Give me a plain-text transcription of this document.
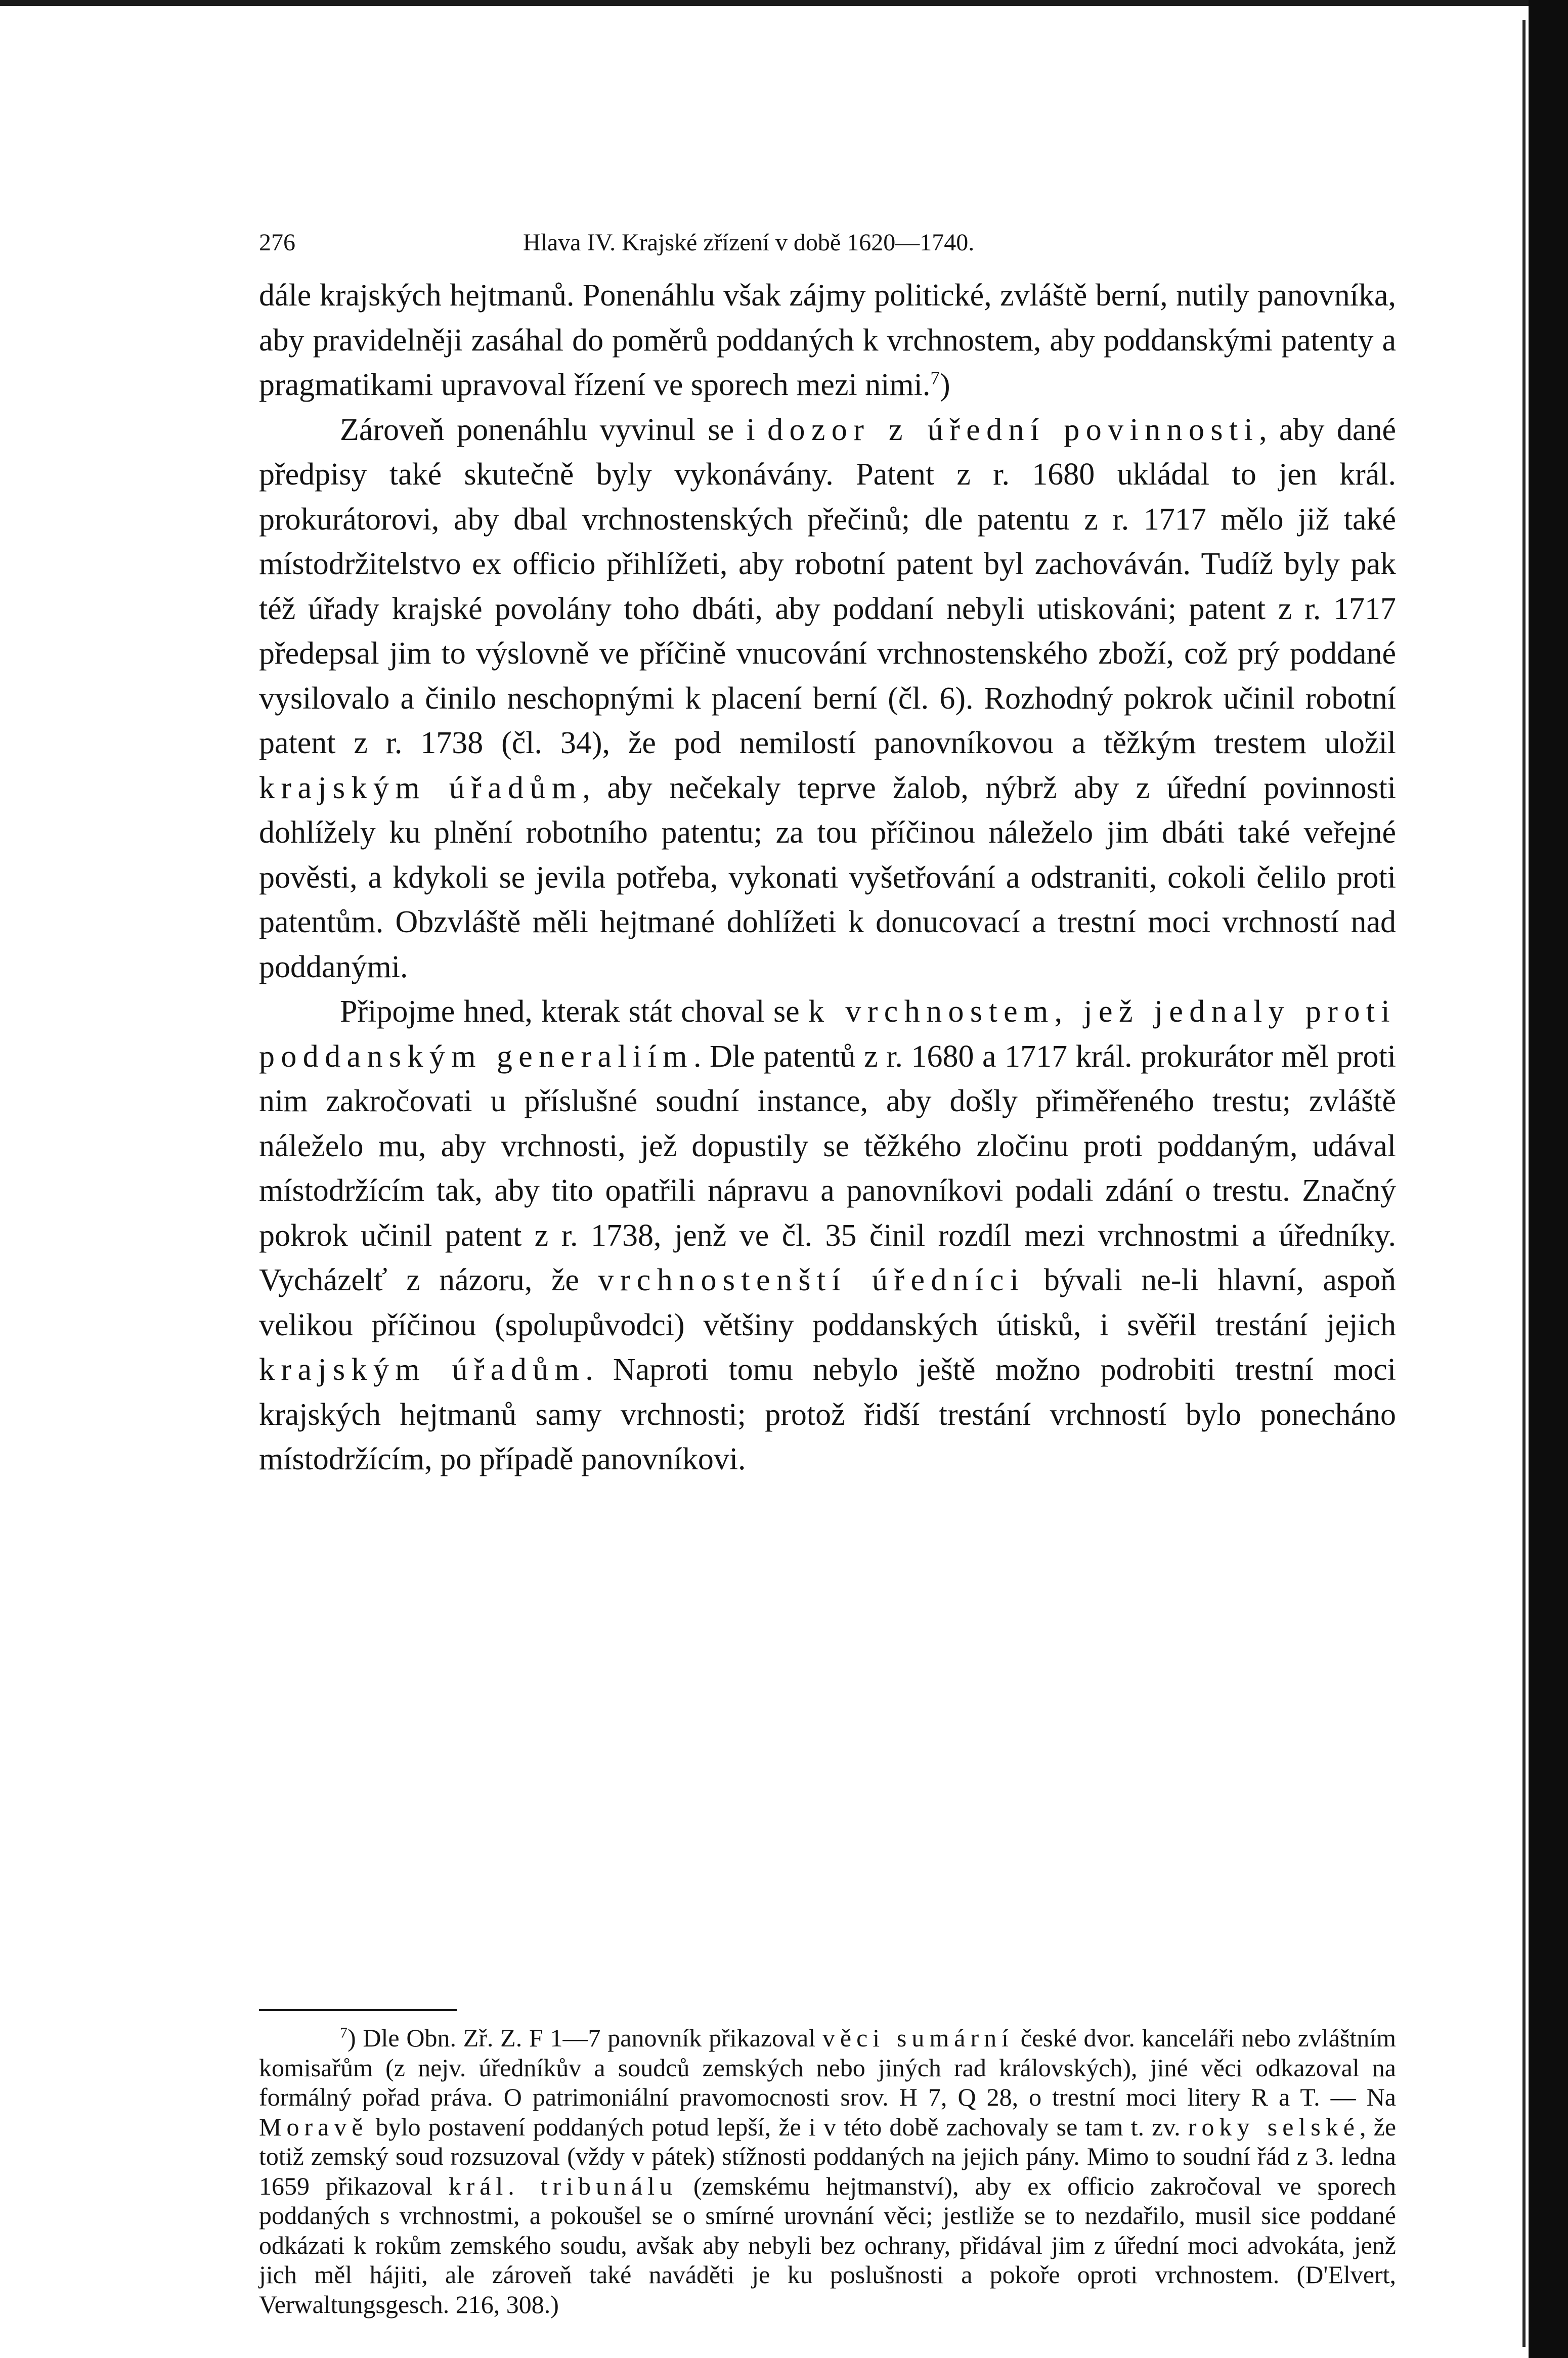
276	Hlava IV. Krajské zřízení v době 1620—1740.

dále krajských hejtmanů. Ponenáhlu však zájmy politické, zvláště berní, nutily panovníka, aby pravidelněji zasáhal do poměrů poddaných k vrchnostem, aby poddanskými patenty a pragmatikami upravoval řízení ve sporech mezi nimi.$^7$)

Zároveň ponenáhlu vyvinul se i dozor z úřední povinnosti, aby dané předpisy také skutečně byly vykonávány. Patent z r. 1680 ukládal to jen král. prokurátorovi, aby dbal vrchnostenských přečinů; dle patentu z r. 1717 mělo již také místodržitelstvo ex officio přihlížeti, aby robotní patent byl zachováván. Tudíž byly pak též úřady krajské povolány toho dbáti, aby poddaní nebyli utiskováni; patent z r. 1717 předepsal jim to výslovně ve příčině vnucování vrchnostenského zboží, což prý poddané vysilovalo a činilo neschopnými k placení berní (čl. 6). Rozhodný pokrok učinil robotní patent z r. 1738 (čl. 34), že pod nemilostí panovníkovou a těžkým trestem uložil krajským úřadům, aby nečekaly teprve žalob, nýbrž aby z úřední povinnosti dohlížely ku plnění robotního patentu; za tou příčinou náleželo jim dbáti také veřejné pověsti, a kdykoli se jevila potřeba, vykonati vyšetřování a odstraniti, cokoli čelilo proti patentům. Obzvláště měli hejtmané dohlížeti k donucovací a trestní moci vrchností nad poddanými.

Připojme hned, kterak stát choval se k vrchnostem, jež jednaly proti poddanským generaliím. Dle patentů z r. 1680 a 1717 král. prokurátor měl proti nim zakročovati u příslušné soudní instance, aby došly přiměřeného trestu; zvláště náleželo mu, aby vrchnosti, jež dopustily se těžkého zločinu proti poddaným, udával místodržícím tak, aby tito opatřili nápravu a panovníkovi podali zdání o trestu. Značný pokrok učinil patent z r. 1738, jenž ve čl. 35 činil rozdíl mezi vrchnostmi a úředníky. Vycházelť z názoru, že vrchnostenští úředníci bývali ne-li hlavní, aspoň velikou příčinou (spolupůvodci) většiny poddanských útisků, i svěřil trestání jejich krajským úřadům. Naproti tomu nebylo ještě možno podrobiti trestní moci krajských hejtmanů samy vrchnosti; protož řidší trestání vrchností bylo ponecháno místodržícím, po případě panovníkovi.

$^7$) Dle Obn. Zř. Z. F 1—7 panovník přikazoval věci sumární české dvor. kanceláři nebo zvláštním komisařům (z nejv. úředníkův a soudců zemských nebo jiných rad královských), jiné věci odkazoval na formálný pořad práva. O patrimoniální pravomocnosti srov. H 7, Q 28, o trestní moci litery R a T. — Na Moravě bylo postavení poddaných potud lepší, že i v této době zachovaly se tam t. zv. roky selské, že totiž zemský soud rozsuzoval (vždy v pátek) stížnosti poddaných na jejich pány. Mimo to soudní řád z 3. ledna 1659 přikazoval král. tribunálu (zemskému hejtmanství), aby ex officio zakročoval ve sporech poddaných s vrchnostmi, a pokoušel se o smírné urovnání věci; jestliže se to nezdařilo, musil sice poddané odkázati k rokům zemského soudu, avšak aby nebyli bez ochrany, přidával jim z úřední moci advokáta, jenž jich měl hájiti, ale zároveň také naváděti je ku poslušnosti a pokoře oproti vrchnostem. (D'Elvert, Verwaltungsgesch. 216, 308.)
